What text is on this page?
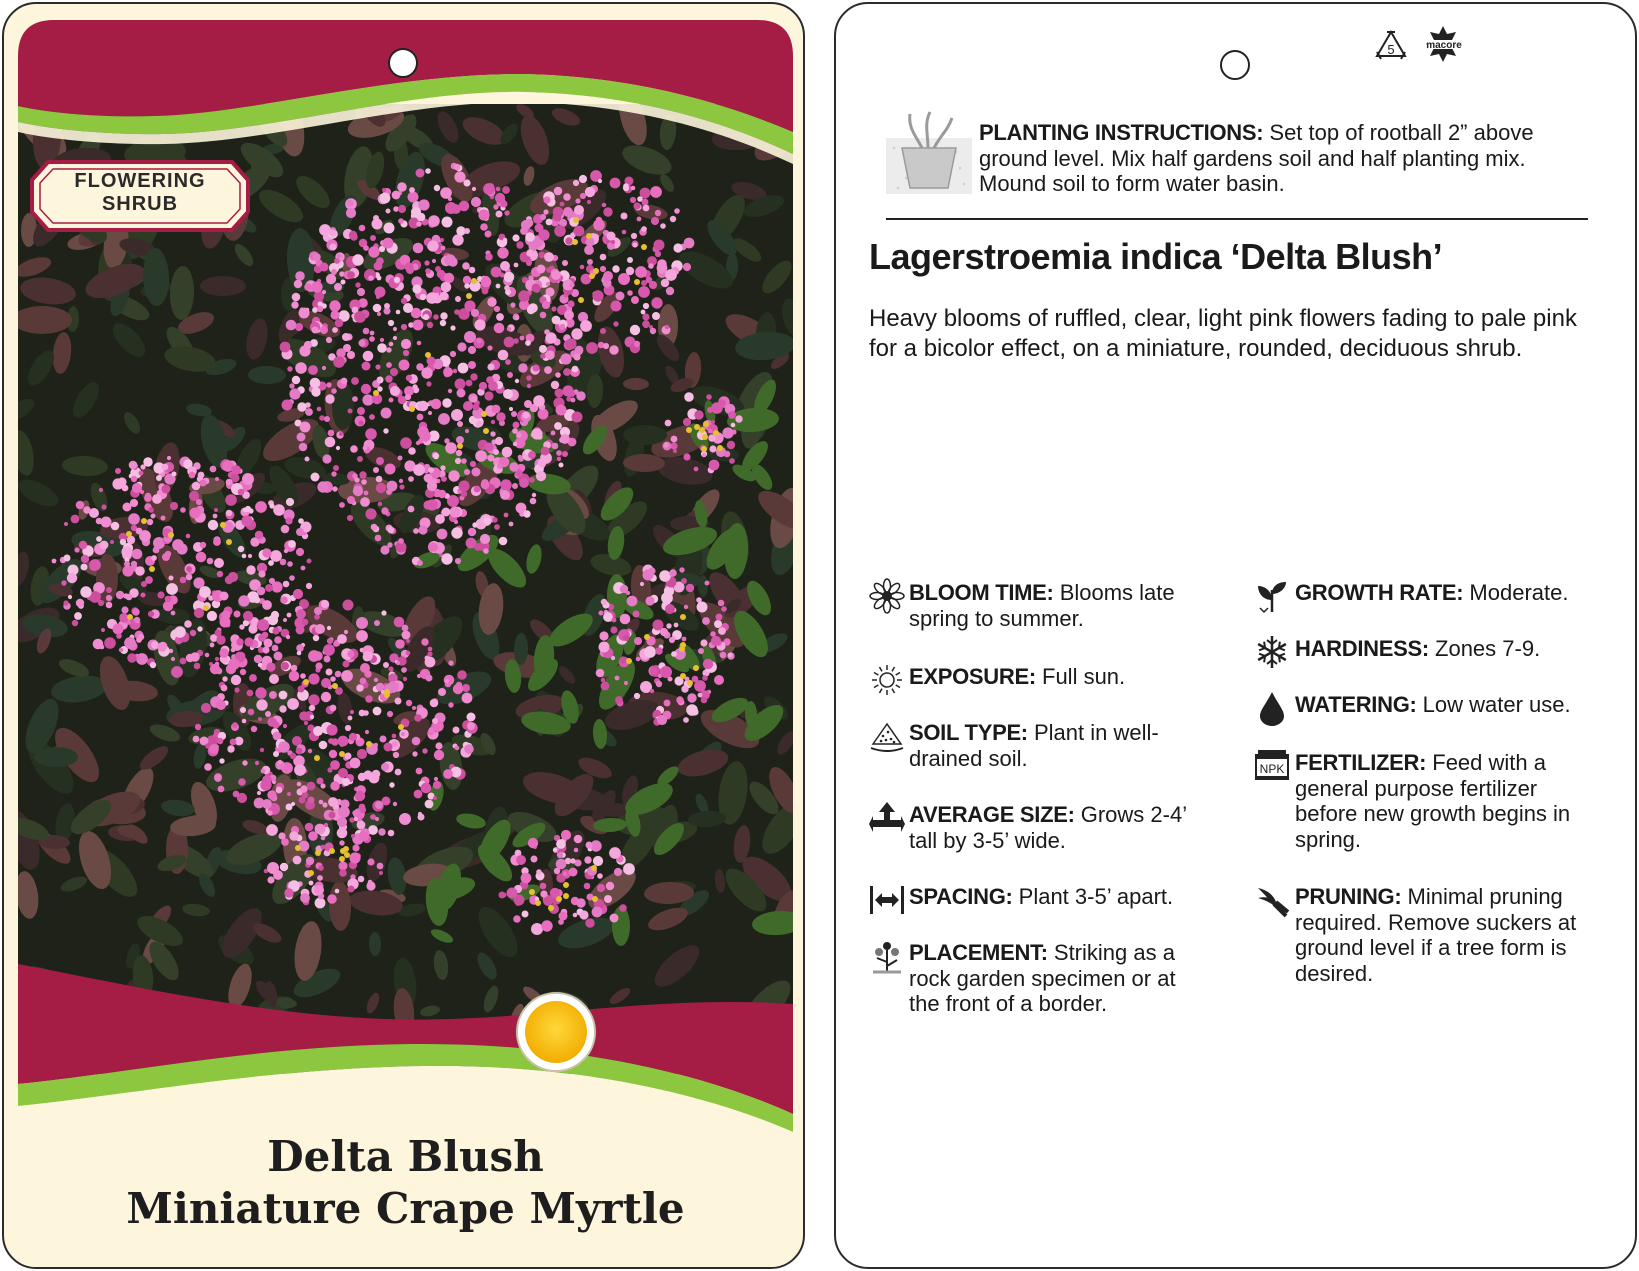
FLOWERING SHRUB
Delta Blush
Miniature Crape Myrtle
5	macore
PLANTING INSTRUCTIONS: Set top of rootball 2” above ground level. Mix half gardens soil and half planting mix. Mound soil to form water basin.
Lagerstroemia indica ‘Delta Blush’
Heavy blooms of ruffled, clear, light pink flowers fading to pale pink for a bicolor effect, on a miniature, rounded, deciduous shrub.
BLOOM TIME: Blooms late spring to summer.
EXPOSURE: Full sun.
SOIL TYPE: Plant in well-drained soil.
AVERAGE SIZE: Grows 2-4’ tall by 3-5’ wide.
SPACING: Plant 3-5’ apart.
PLACEMENT: Striking as a rock garden specimen or at the front of a border.
GROWTH RATE: Moderate.
HARDINESS: Zones 7-9.
WATERING: Low water use.
NPK FERTILIZER: Feed with a general purpose fertilizer before new growth begins in spring.
PRUNING: Minimal pruning required. Remove suckers at ground level if a tree form is desired.
